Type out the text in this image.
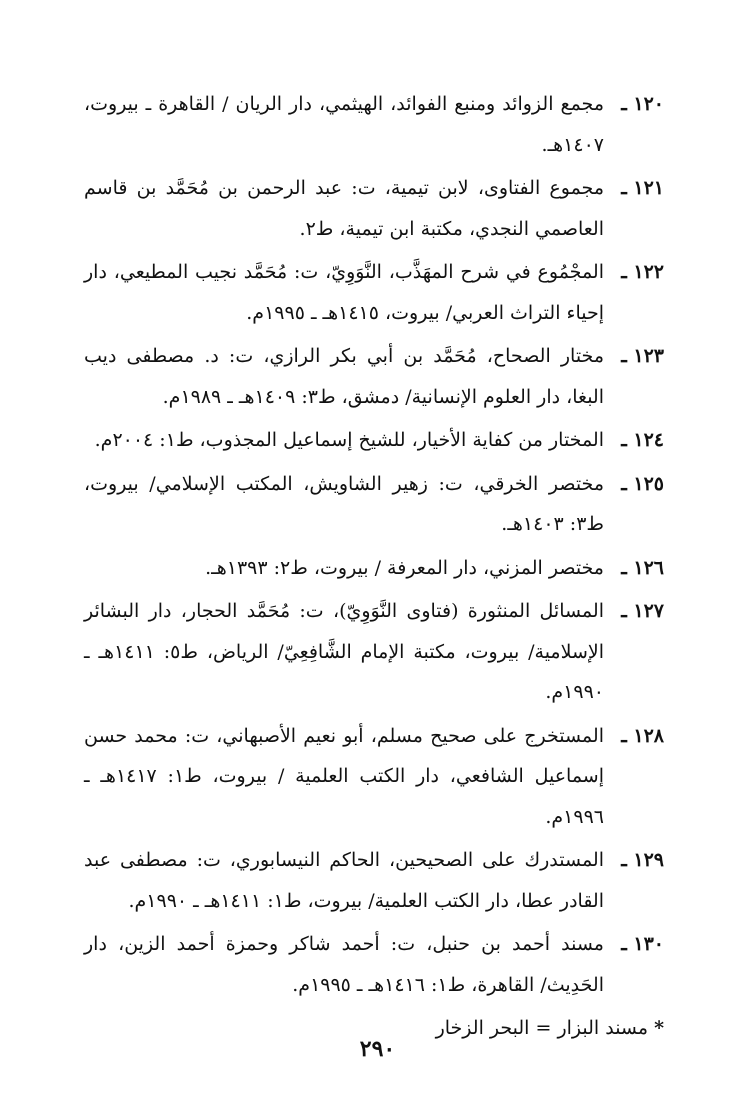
١٢٠ ـ
مجمع الزوائد ومنبع الفوائد، الهيثمي، دار الريان / القاهرة ـ بيروت، ١٤٠٧هـ.
١٢١ ـ
مجموع الفتاوى، لابن تيمية، ت: عبد الرحمن بن مُحَمَّد بن قاسم العاصمي النجدي، مكتبة ابن تيمية، ط٢.
١٢٢ ـ
المجْمُوع في شرح المهَذَّب، النَّوَوِيّ، ت: مُحَمَّد نجيب المطيعي، دار إحياء التراث العربي/ بيروت، ١٤١٥هـ ـ ١٩٩٥م.
١٢٣ ـ
مختار الصحاح، مُحَمَّد بن أبي بكر الرازي، ت: د. مصطفى ديب البغا، دار العلوم الإنسانية/ دمشق، ط٣: ١٤٠٩هـ ـ ١٩٨٩م.
١٢٤ ـ
المختار من كفاية الأخيار، للشيخ إسماعيل المجذوب، ط١: ٢٠٠٤م.
١٢٥ ـ
مختصر الخرقي، ت: زهير الشاويش، المكتب الإسلامي/ بيروت، ط٣: ١٤٠٣هـ.
١٢٦ ـ
مختصر المزني، دار المعرفة / بيروت، ط٢: ١٣٩٣هـ.
١٢٧ ـ
المسائل المنثورة (فتاوى النَّوَوِيّ)، ت: مُحَمَّد الحجار، دار البشائر الإسلامية/ بيروت، مكتبة الإمام الشَّافِعِيّ/ الرياض، ط٥: ١٤١١هـ ـ ١٩٩٠م.
١٢٨ ـ
المستخرج على صحيح مسلم، أبو نعيم الأصبهاني، ت: محمد حسن إسماعيل الشافعي، دار الكتب العلمية / بيروت، ط١: ١٤١٧هـ ـ ١٩٩٦م.
١٢٩ ـ
المستدرك على الصحيحين، الحاكم النيسابوري، ت: مصطفى عبد القادر عطا، دار الكتب العلمية/ بيروت، ط١: ١٤١١هـ ـ ١٩٩٠م.
١٣٠ ـ
مسند أحمد بن حنبل، ت: أحمد شاكر وحمزة أحمد الزين، دار الحَدِيث/ القاهرة، ط١: ١٤١٦هـ ـ ١٩٩٥م.
*مسند البزار = البحر الزخار
٢٩٠
